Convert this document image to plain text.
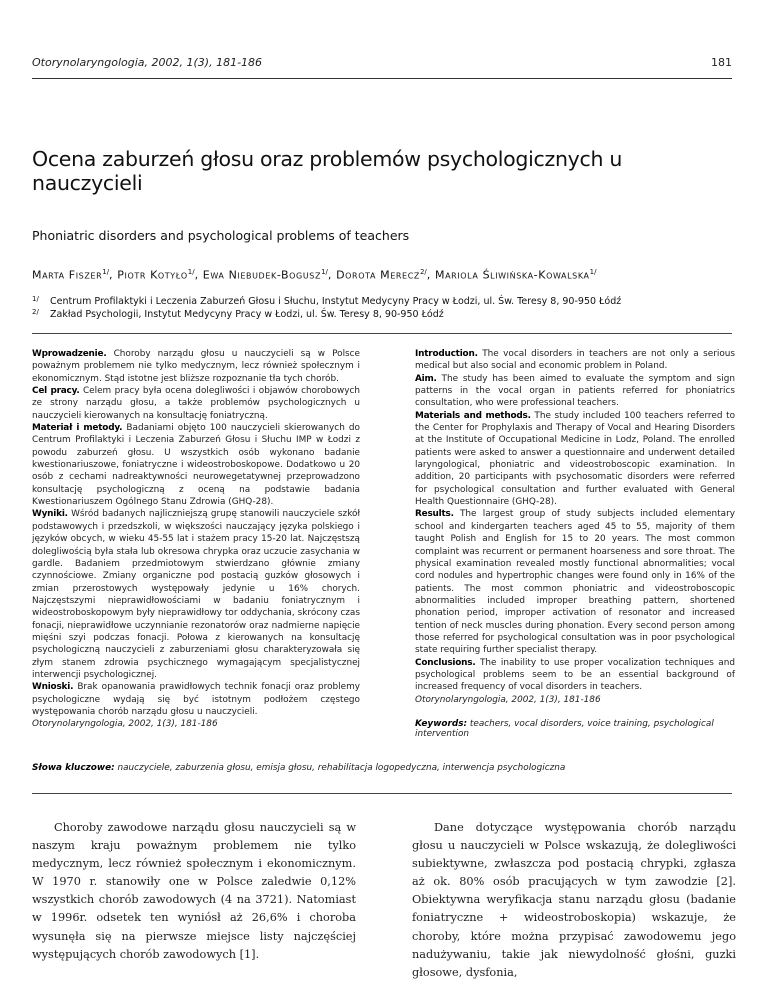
Otorynolaryngologia, 2002, 1(3), 181-186	181
Ocena zaburzeń głosu oraz problemów psychologicznych u nauczycieli
Phoniatric disorders and psychological problems of teachers
Marta Fiszer$^{1/}$, Piotr Kotyło$^{1/}$, Ewa Niebudek-Bogusz$^{1/}$, Dorota Merecz$^{2/}$, Mariola Śliwińska-Kowalska$^{1/}$
1/	Centrum Profilaktyki i Leczenia Zaburzeń Głosu i Słuchu, Instytut Medycyny Pracy w Łodzi, ul. Św. Teresy 8, 90-950 Łódź
2/	Zakład Psychologii, Instytut Medycyny Pracy w Łodzi, ul. Św. Teresy 8, 90-950 Łódź

Wprowadzenie. Choroby narządu głosu u nauczycieli są w Polsce poważnym problemem nie tylko medycznym, lecz również społecznym i ekonomicznym. Stąd istotne jest bliższe rozpoznanie tła tych chorób.

Cel pracy. Celem pracy była ocena dolegliwości i objawów chorobowych ze strony narządu głosu, a także problemów psychologicznych u nauczycieli kierowanych na konsultację foniatryczną.

Materiał i metody. Badaniami objęto 100 nauczycieli skierowanych do Centrum Profilaktyki i Leczenia Zaburzeń Głosu i Słuchu IMP w Łodzi z powodu zaburzeń głosu. U wszystkich osób wykonano badanie kwestionariuszowe, foniatryczne i wideostroboskopowe. Dodatkowo u 20 osób z cechami nadreaktywności neurowegetatywnej przeprowadzono konsultację psychologiczną z oceną na podstawie badania Kwestionariuszem Ogólnego Stanu Zdrowia (GHQ-28).

Wyniki. Wśród badanych najliczniejszą grupę stanowili nauczyciele szkół podstawowych i przedszkoli, w większości nauczający języka polskiego i języków obcych, w wieku 45-55 lat i stażem pracy 15-20 lat. Najczęstszą dolegliwością była stała lub okresowa chrypka oraz uczucie zasychania w gardle. Badaniem przedmiotowym stwierdzano głównie zmiany czynnościowe. Zmiany organiczne pod postacią guzków głosowych i zmian przerostowych występowały jedynie u 16% chorych. Najczęstszymi nieprawidłowościami w badaniu foniatrycznym i wideostroboskopowym były nieprawidłowy tor oddychania, skrócony czas fonacji, nieprawidłowe uczynnianie rezonatorów oraz nadmierne napięcie mięśni szyi podczas fonacji. Połowa z kierowanych na konsultację psychologiczną nauczycieli z zaburzeniami głosu charakteryzowała się złym stanem zdrowia psychicznego wymagającym specjalistycznej interwencji psychologicznej.

Wnioski. Brak opanowania prawidłowych technik fonacji oraz problemy psychologiczne wydają się być istotnym podłożem częstego występowania chorób narządu głosu u nauczycieli.
Otorynolaryngologia, 2002, 1(3), 181-186

Introduction. The vocal disorders in teachers are not only a serious medical but also social and economic problem in Poland.

Aim. The study has been aimed to evaluate the symptom and sign patterns in the vocal organ in patients referred for phoniatrics consultation, who were professional teachers.

Materials and methods. The study included 100 teachers referred to the Center for Prophylaxis and Therapy of Vocal and Hearing Disorders at the Institute of Occupational Medicine in Lodz, Poland. The enrolled patients were asked to answer a questionnaire and underwent detailed laryngological, phoniatric and videostroboscopic examination. In addition, 20 participants with psychosomatic disorders were referred for psychological consultation and further evaluated with General Health Questionnaire (GHQ-28).

Results. The largest group of study subjects included elementary school and kindergarten teachers aged 45 to 55, majority of them taught Polish and English for 15 to 20 years. The most common complaint was recurrent or permanent hoarseness and sore throat. The physical examination revealed mostly functional abnormalities; vocal cord nodules and hypertrophic changes were found only in 16% of the patients. The most common phoniatric and videostroboscopic abnormalities included improper breathing pattern, shortened phonation period, improper activation of resonator and increased tention of neck muscles during phonation. Every second person among those referred for psychological consultation was in poor psychological state requiring further specialist therapy.

Conclusions. The inability to use proper vocalization techniques and psychological problems seem to be an essential background of increased frequency of vocal disorders in teachers.
Otorynolaryngologia, 2002, 1(3), 181-186

Keywords: teachers, vocal disorders, voice training, psychological intervention
Słowa kluczowe: nauczyciele, zaburzenia głosu, emisja głosu, rehabilitacja logopedyczna, interwencja psychologiczna

Choroby zawodowe narządu głosu nauczycieli są w naszym kraju poważnym problemem nie tylko medycznym, lecz również społecznym i ekonomicznym. W 1970 r. stanowiły one w Polsce zaledwie 0,12% wszystkich chorób zawodowych (4 na 3721). Natomiast w 1996r. odsetek ten wyniósł aż 26,6% i choroba wysunęła się na pierwsze miejsce listy najczęściej występujących chorób zawodowych [1].

Dane dotyczące występowania chorób narządu głosu u nauczycieli w Polsce wskazują, że dolegliwości subiektywne, zwłaszcza pod postacią chrypki, zgłasza aż ok. 80% osób pracujących w tym zawodzie [2]. Obiektywna weryfikacja stanu narządu głosu (badanie foniatryczne + wideostroboskopia) wskazuje, że choroby, które można przypisać zawodowemu jego nadużywaniu, takie jak niewydolność głośni, guzki głosowe, dysfonia,
